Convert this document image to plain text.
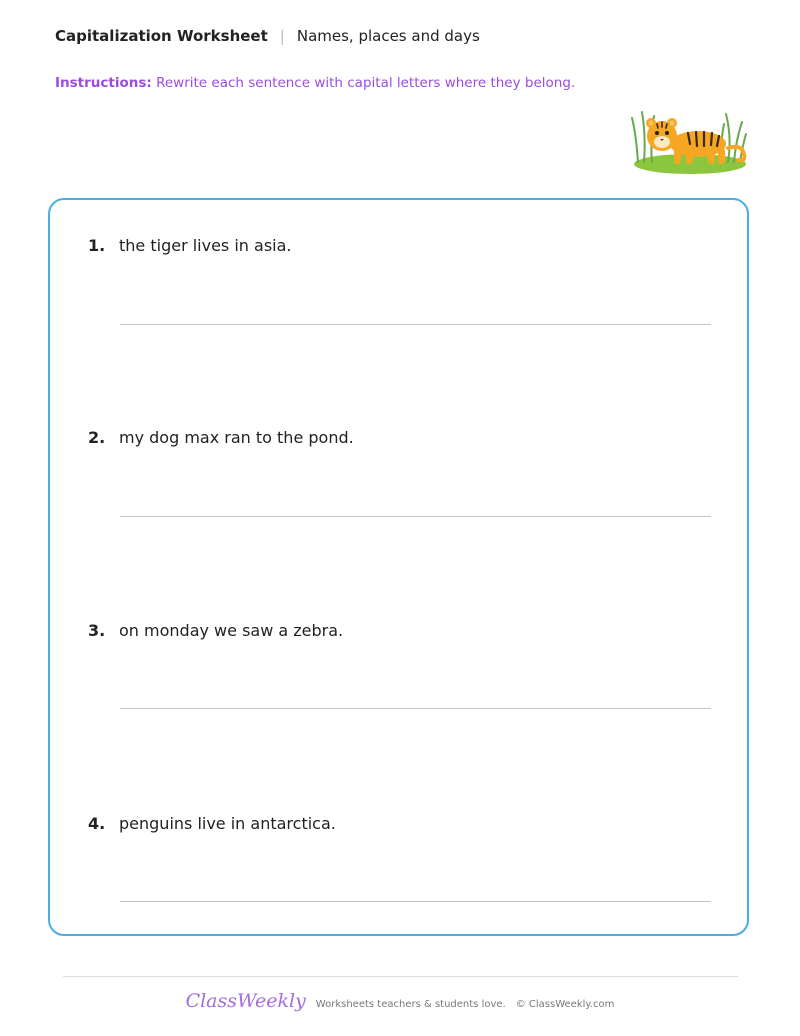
Capitalization Worksheet | Names, places and days
Instructions: Rewrite each sentence with capital letters where they belong.
1. the tiger lives in asia.
2. my dog max ran to the pond.
3. on monday we saw a zebra.
4. penguins live in antarctica.
ClassWeekly Worksheets teachers & students love. © ClassWeekly.com
